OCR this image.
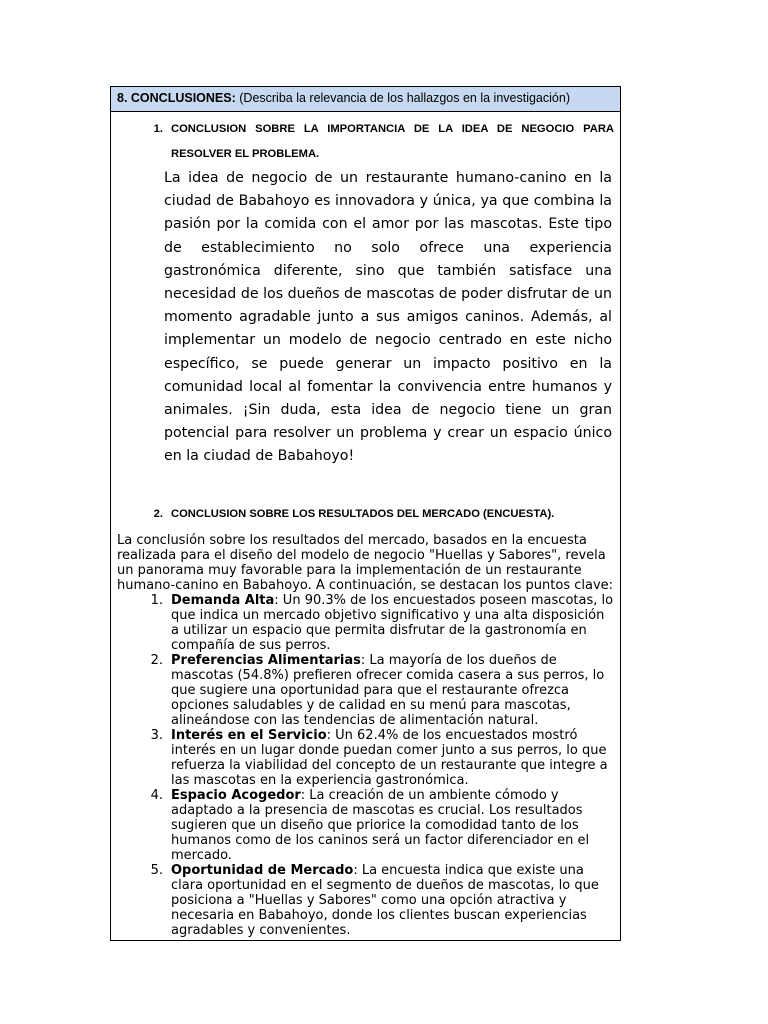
8. CONCLUSIONES: (Describa la relevancia de los hallazgos en la investigación)
1. CONCLUSION SOBRE LA IMPORTANCIA DE LA IDEA DE NEGOCIO PARA RESOLVER EL PROBLEMA.

La idea de negocio de un restaurante humano-canino en la ciudad de Babahoyo es innovadora y única, ya que combina la pasión por la comida con el amor por las mascotas. Este tipo de establecimiento no solo ofrece una experiencia gastronómica diferente, sino que también satisface una necesidad de los dueños de mascotas de poder disfrutar de un momento agradable junto a sus amigos caninos. Además, al implementar un modelo de negocio centrado en este nicho específico, se puede generar un impacto positivo en la comunidad local al fomentar la convivencia entre humanos y animales. ¡Sin duda, esta idea de negocio tiene un gran potencial para resolver un problema y crear un espacio único en la ciudad de Babahoyo!

2. CONCLUSION SOBRE LOS RESULTADOS DEL MERCADO (ENCUESTA).
La conclusión sobre los resultados del mercado, basados en la encuesta realizada para el diseño del modelo de negocio "Huellas y Sabores", revela un panorama muy favorable para la implementación de un restaurante humano-canino en Babahoyo. A continuación, se destacan los puntos clave:
1. Demanda Alta: Un 90.3% de los encuestados poseen mascotas, lo que indica un mercado objetivo significativo y una alta disposición a utilizar un espacio que permita disfrutar de la gastronomía en compañía de sus perros.
2. Preferencias Alimentarias: La mayoría de los dueños de mascotas (54.8%) prefieren ofrecer comida casera a sus perros, lo que sugiere una oportunidad para que el restaurante ofrezca opciones saludables y de calidad en su menú para mascotas, alineándose con las tendencias de alimentación natural.
3. Interés en el Servicio: Un 62.4% de los encuestados mostró interés en un lugar donde puedan comer junto a sus perros, lo que refuerza la viabilidad del concepto de un restaurante que integre a las mascotas en la experiencia gastronómica.
4. Espacio Acogedor: La creación de un ambiente cómodo y adaptado a la presencia de mascotas es crucial. Los resultados sugieren que un diseño que priorice la comodidad tanto de los humanos como de los caninos será un factor diferenciador en el mercado.
5. Oportunidad de Mercado: La encuesta indica que existe una clara oportunidad en el segmento de dueños de mascotas, lo que posiciona a "Huellas y Sabores" como una opción atractiva y necesaria en Babahoyo, donde los clientes buscan experiencias agradables y convenientes.
